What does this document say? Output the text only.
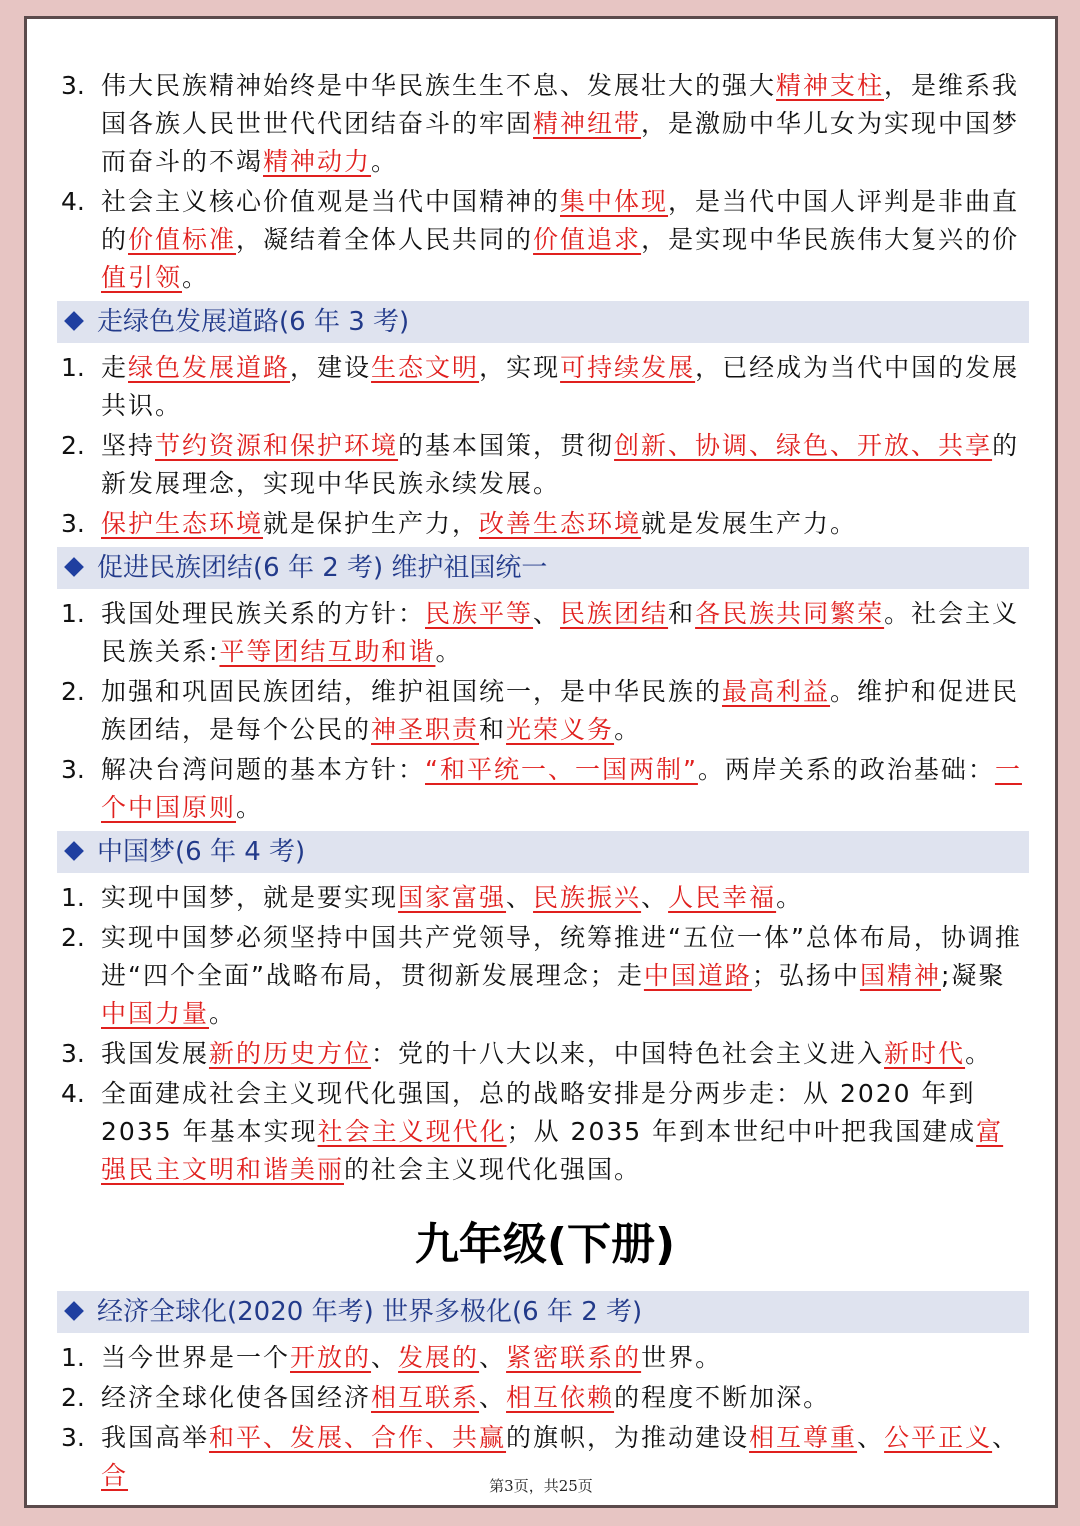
3. 伟大民族精神始终是中华民族生生不息、发展壮大的强大精神支柱，是维系我国各族人民世世代代团结奋斗的牢固精神纽带，是激励中华儿女为实现中国梦而奋斗的不竭精神动力。
4. 社会主义核心价值观是当代中国精神的集中体现，是当代中国人评判是非曲直的价值标准，凝结着全体人民共同的价值追求，是实现中华民族伟大复兴的价值引领。
走绿色发展道路(6 年 3 考)
1. 走绿色发展道路，建设生态文明，实现可持续发展，已经成为当代中国的发展共识。
2. 坚持节约资源和保护环境的基本国策，贯彻创新、协调、绿色、开放、共享的新发展理念，实现中华民族永续发展。
3. 保护生态环境就是保护生产力，改善生态环境就是发展生产力。
促进民族团结(6 年 2 考) 维护祖国统一
1. 我国处理民族关系的方针：民族平等、民族团结和各民族共同繁荣。社会主义民族关系:平等团结互助和谐。
2. 加强和巩固民族团结，维护祖国统一，是中华民族的最高利益。维护和促进民族团结，是每个公民的神圣职责和光荣义务。
3. 解决台湾问题的基本方针：“和平统一、一国两制”。两岸关系的政治基础：一个中国原则。
中国梦(6 年 4 考)
1. 实现中国梦，就是要实现国家富强、民族振兴、人民幸福。
2. 实现中国梦必须坚持中国共产党领导，统筹推进“五位一体”总体布局，协调推进“四个全面”战略布局，贯彻新发展理念；走中国道路；弘扬中国精神;凝聚中国力量。
3. 我国发展新的历史方位：党的十八大以来，中国特色社会主义进入新时代。
4. 全面建成社会主义现代化强国，总的战略安排是分两步走：从 2020 年到 2035 年基本实现社会主义现代化；从 2035 年到本世纪中叶把我国建成富强民主文明和谐美丽的社会主义现代化强国。
九年级(下册)
经济全球化(2020 年考) 世界多极化(6 年 2 考)
1. 当今世界是一个开放的、发展的、紧密联系的世界。
2. 经济全球化使各国经济相互联系、相互依赖的程度不断加深。
3. 我国高举和平、发展、合作、共赢的旗帜，为推动建设相互尊重、公平正义、合	第3页，共25页
